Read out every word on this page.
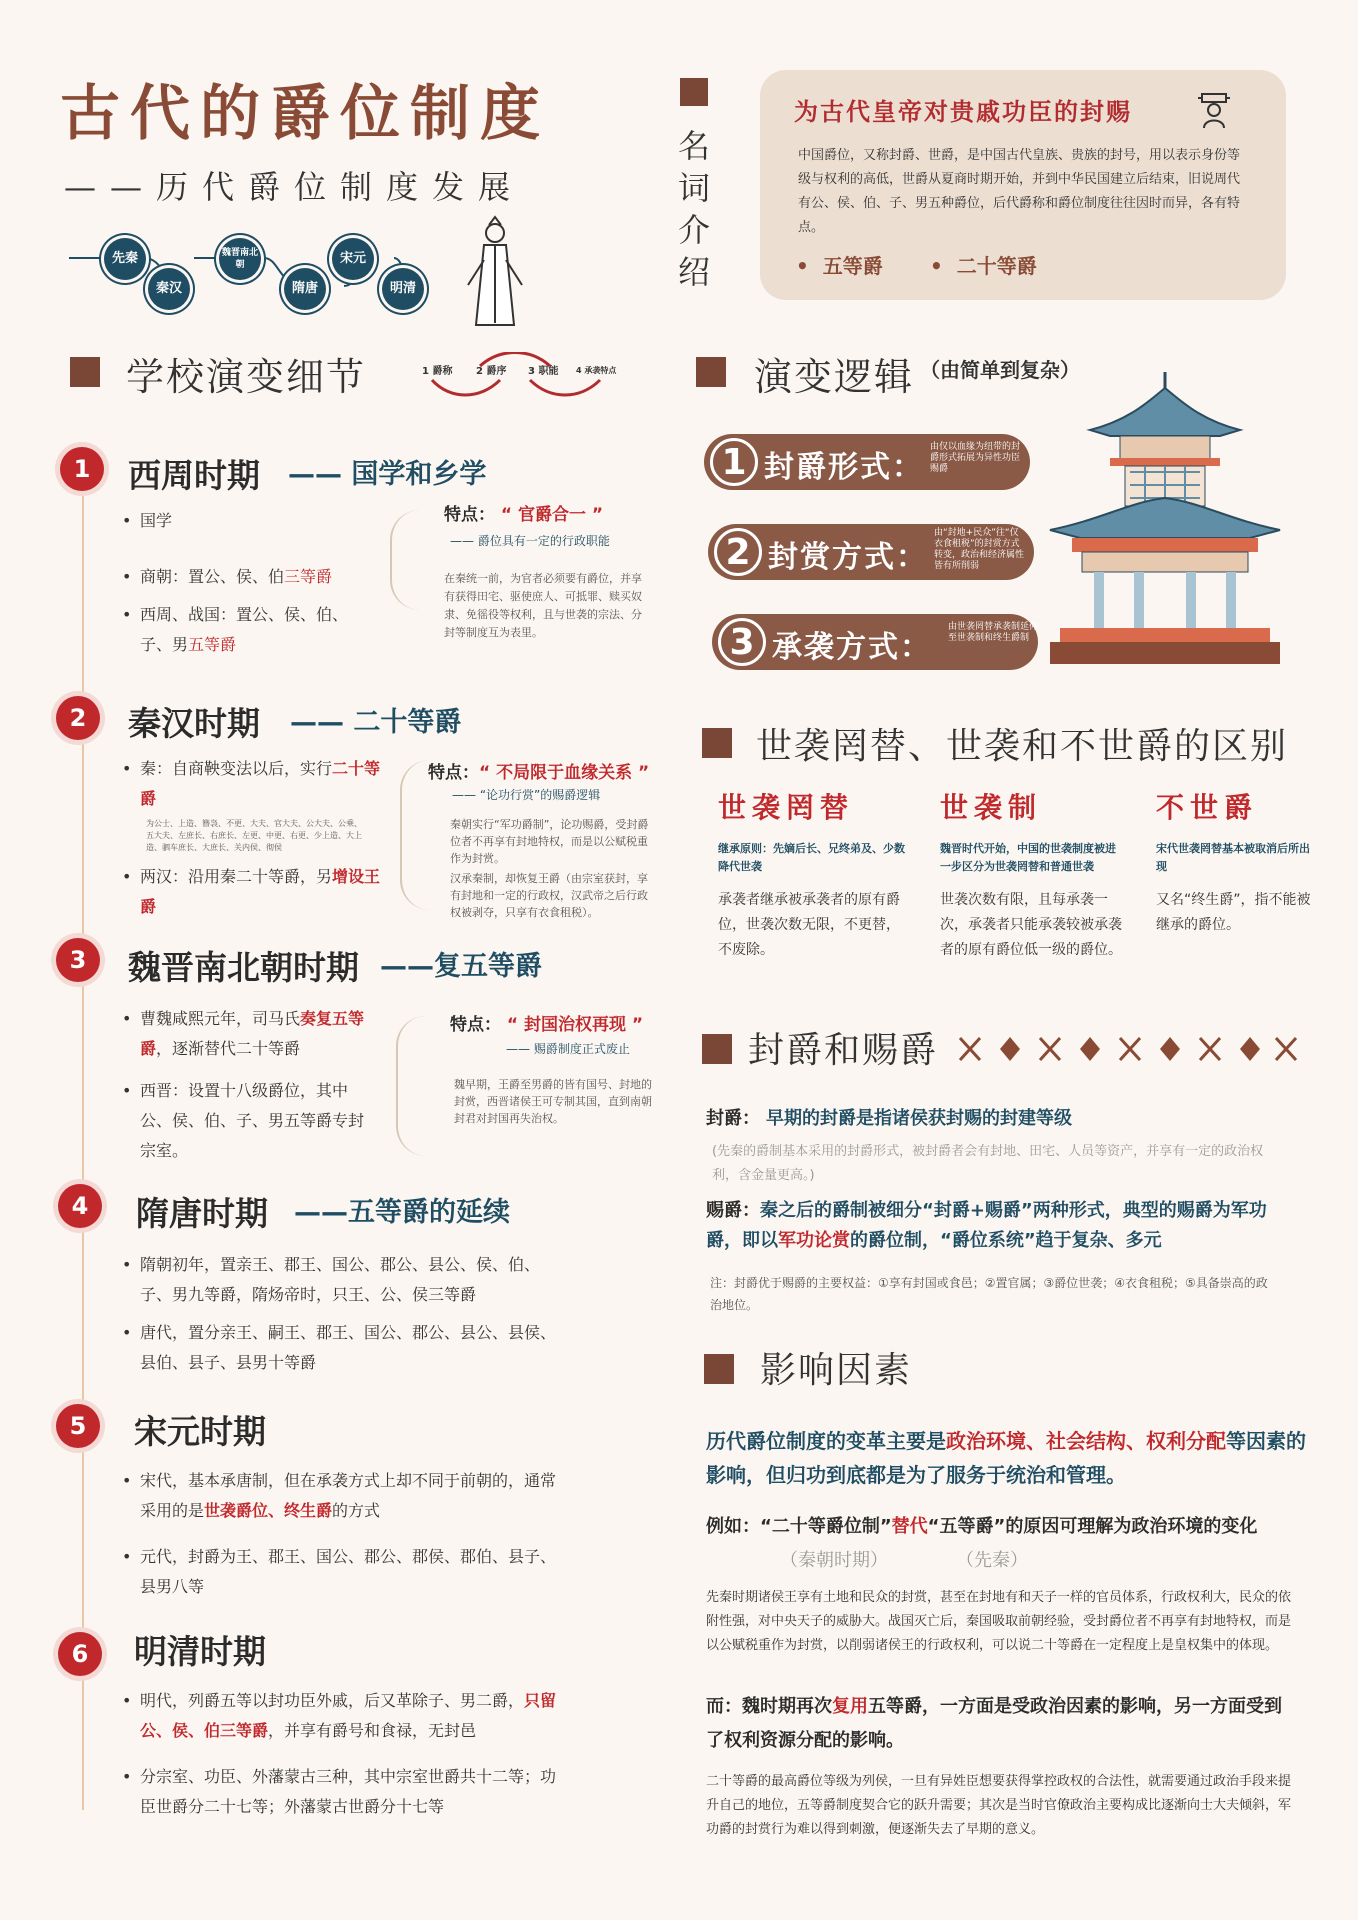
古代的爵位制度
——历代爵位制度发展
先秦	魏晋南北朝
秦汉	隋唐
宋元
明清
名词介绍
为古代皇帝对贵戚功臣的封赐
中国爵位，又称封爵、世爵，是中国古代皇族、贵族的封号，用以表示身份等级与权利的高低，世爵从夏商时期开始，并到中华民国建立后结束，旧说周代有公、侯、伯、子、男五种爵位，后代爵称和爵位制度往往因时而异，各有特点。
•  五等爵 •  二十等爵
学校演变细节	1 爵称 2 爵序 3 职能 4 承袭特点
1	西周时期 —— 国学和乡学
• 国学
• 商朝：置公、侯、伯三等爵
• 西周、战国：置公、侯、伯、子、男五等爵
特点： “ 官爵合一 ”
—— 爵位具有一定的行政职能
在秦统一前，为官者必须要有爵位，并享有获得田宅、驱使庶人、可抵罪、赎买奴隶、免徭役等权利，且与世袭的宗法、分封等制度互为表里。
2	秦汉时期 —— 二十等爵
• 秦：自商鞅变法以后，实行二十等爵
为公士、上造、簪袅、不更、大夫、官大夫、公大夫、公乘、五大夫、左庶长、右庶长、左更、中更、右更、少上造、大上造、驷车庶长、大庶长、关内侯、彻侯
• 两汉：沿用秦二十等爵，另增设王爵
特点：“ 不局限于血缘关系 ”
—— “论功行赏”的赐爵逻辑
秦朝实行“军功爵制”，论功赐爵，受封爵位者不再享有封地特权，而是以公赋税重作为封赏。
汉承秦制，却恢复王爵（由宗室获封，享有封地和一定的行政权，汉武帝之后行政权被剥夺，只享有衣食租税）。
3	魏晋南北朝时期 ——复五等爵
• 曹魏咸熙元年，司马氏奏复五等爵，逐渐替代二十等爵
• 西晋：设置十八级爵位，其中公、侯、伯、子、男五等爵专封宗室。
特点： “ 封国治权再现 ”
—— 赐爵制度正式废止
魏早期，王爵至男爵的皆有国号、封地的封赏，西晋诸侯王可专制其国，直到南朝封君对封国再失治权。
4	隋唐时期 ——五等爵的延续
• 隋朝初年，置亲王、郡王、国公、郡公、县公、侯、伯、子、男九等爵，隋炀帝时，只王、公、侯三等爵
• 唐代，置分亲王、嗣王、郡王、国公、郡公、县公、县侯、县伯、县子、县男十等爵
5	宋元时期
• 宋代，基本承唐制，但在承袭方式上却不同于前朝的，通常采用的是世袭爵位、终生爵的方式
• 元代，封爵为王、郡王、国公、郡公、郡侯、郡伯、县子、县男八等
6	明清时期
• 明代，列爵五等以封功臣外戚，后又革除子、男二爵，只留公、侯、伯三等爵，并享有爵号和食禄，无封邑
• 分宗室、功臣、外藩蒙古三种，其中宗室世爵共十二等；功臣世爵分二十七等；外藩蒙古世爵分十七等
演变逻辑 （由简单到复杂）
1 封爵形式：
由仅以血缘为纽带的封爵形式拓展为异性功臣赐爵
2 封赏方式：
由“封地+民众”往“仅衣食租税”的封赏方式转变，政治和经济属性皆有所削弱
3 承袭方式：
由世袭罔替承袭制延伸至世袭制和终生爵制
世袭罔替、世袭和不世爵的区别
世袭罔替
继承原则：先嫡后长、兄终弟及、少数降代世袭
承袭者继承被承袭者的原有爵位，世袭次数无限，不更替，不废除。
世袭制
魏晋时代开始，中国的世袭制度被进一步区分为世袭罔替和普通世袭
世袭次数有限，且每承袭一次，承袭者只能承袭较被承袭者的原有爵位低一级的爵位。
不世爵
宋代世袭罔替基本被取消后所出现
又名“终生爵”，指不能被继承的爵位。
封爵和赐爵
封爵： 早期的封爵是指诸侯获封赐的封建等级
(先秦的爵制基本采用的封爵形式，被封爵者会有封地、田宅、人员等资产，并享有一定的政治权利，含金量更高。)
赐爵：秦之后的爵制被细分“封爵+赐爵”两种形式，典型的赐爵为军功爵，即以军功论赏的爵位制，“爵位系统”趋于复杂、多元
注：封爵优于赐爵的主要权益：①享有封国或食邑；②置官属；③爵位世袭；④衣食租税；⑤具备崇高的政治地位。
影响因素
历代爵位制度的变革主要是政治环境、社会结构、权利分配等因素的影响，但归功到底都是为了服务于统治和管理。
例如：“二十等爵位制”替代“五等爵”的原因可理解为政治环境的变化
（秦朝时期）	（先秦）
先秦时期诸侯王享有土地和民众的封赏，甚至在封地有和天子一样的官员体系，行政权利大，民众的依附性强，对中央天子的威胁大。战国灭亡后，秦国吸取前朝经验，受封爵位者不再享有封地特权，而是以公赋税重作为封赏，以削弱诸侯王的行政权利，可以说二十等爵在一定程度上是皇权集中的体现。
而：魏时期再次复用五等爵，一方面是受政治因素的影响，另一方面受到了权利资源分配的影响。
二十等爵的最高爵位等级为列侯，一旦有异姓臣想要获得掌控政权的合法性，就需要通过政治手段来提升自己的地位，五等爵制度契合它的跃升需要；其次是当时官僚政治主要构成比逐渐向士大夫倾斜，军功爵的封赏行为难以得到刺激，便逐渐失去了早期的意义。
